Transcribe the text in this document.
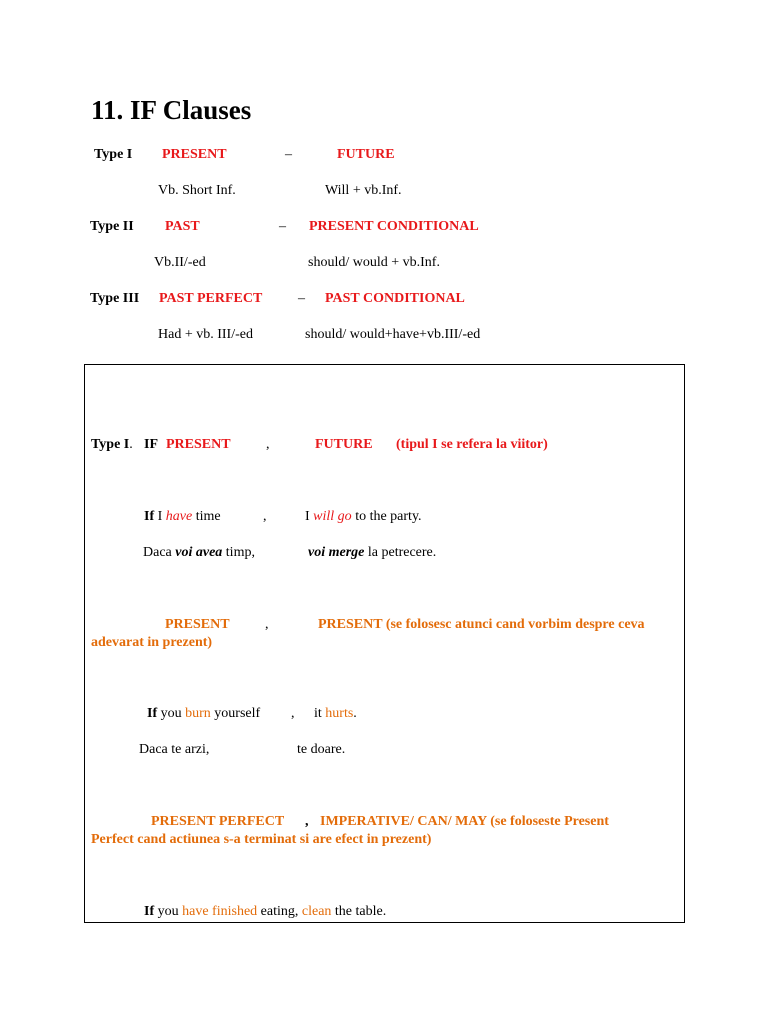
11. IF Clauses
Type I PRESENT	–	FUTURE
Vb. Short Inf.	Will + vb.Inf.
Type II PAST	– PRESENT CONDITIONAL
Vb.II/-ed	should/ would + vb.Inf.
Type III PAST PERFECT	– PAST CONDITIONAL
Had + vb. III/-ed	should/ would+have+vb.III/-ed
Type I. IF PRESENT	,	FUTURE (tipul I se refera la viitor)
If I have time	,	I will go to the party.
Daca voi avea timp,	voi merge la petrecere.
PRESENT	,	PRESENT (se folosesc atunci cand vorbim despre ceva
adevarat in prezent)
If you burn yourself , it hurts.
Daca te arzi,	te doare.
PRESENT PERFECT , IMPERATIVE/ CAN/ MAY (se foloseste Present
Perfect cand actiunea s-a terminat si are efect in prezent)
If you have finished eating, clean the table.
